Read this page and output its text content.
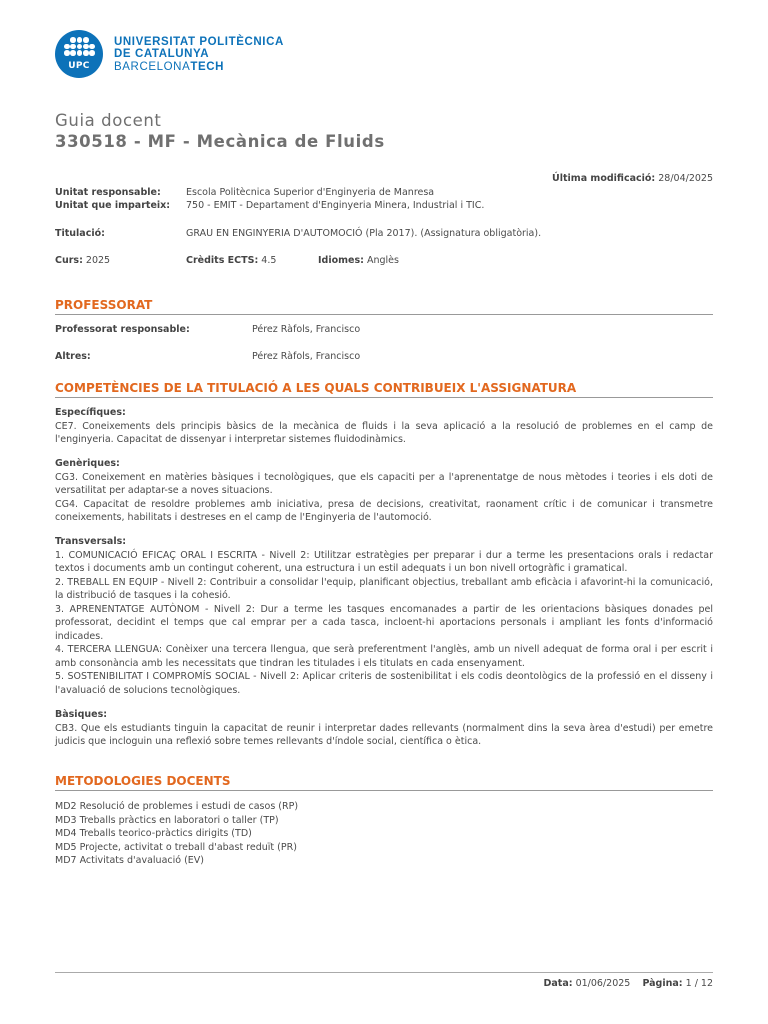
UPC
UNIVERSITAT POLITÈCNICA
DE CATALUNYA
BARCELONATECH
Guia docent
330518 - MF - Mecànica de Fluids
Última modificació: 28/04/2025
Unitat responsable:	Escola Politècnica Superior d'Enginyeria de Manresa
Unitat que imparteix: 750 - EMIT - Departament d'Enginyeria Minera, Industrial i TIC.
Titulació:	GRAU EN ENGINYERIA D'AUTOMOCIÓ (Pla 2017). (Assignatura obligatòria).
Curs: 2025	Crèdits ECTS: 4.5	Idiomes: Anglès
PROFESSORAT
Professorat responsable:	Pérez Ràfols, Francisco
Altres:	Pérez Ràfols, Francisco
COMPETÈNCIES DE LA TITULACIÓ A LES QUALS CONTRIBUEIX L'ASSIGNATURA
Específiques:
CE7. Coneixements dels principis bàsics de la mecànica de fluids i la seva aplicació a la resolució de problemes en el camp de l'enginyeria. Capacitat de dissenyar i interpretar sistemes fluidodinàmics.
Genèriques:
CG3. Coneixement en matèries bàsiques i tecnològiques, que els capaciti per a l'aprenentatge de nous mètodes i teories i els doti de versatilitat per adaptar-se a noves situacions.
CG4. Capacitat de resoldre problemes amb iniciativa, presa de decisions, creativitat, raonament crític i de comunicar i transmetre coneixements, habilitats i destreses en el camp de l'Enginyeria de l'automoció.
Transversals:
1. COMUNICACIÓ EFICAÇ ORAL I ESCRITA - Nivell 2: Utilitzar estratègies per preparar i dur a terme les presentacions orals i redactar textos i documents amb un contingut coherent, una estructura i un estil adequats i un bon nivell ortogràfic i gramatical.
2. TREBALL EN EQUIP - Nivell 2: Contribuir a consolidar l'equip, planificant objectius, treballant amb eficàcia i afavorint-hi la comunicació, la distribució de tasques i la cohesió.
3. APRENENTATGE AUTÒNOM - Nivell 2: Dur a terme les tasques encomanades a partir de les orientacions bàsiques donades pel professorat, decidint el temps que cal emprar per a cada tasca, incloent-hi aportacions personals i ampliant les fonts d'informació indicades.
4. TERCERA LLENGUA: Conèixer una tercera llengua, que serà preferentment l'anglès, amb un nivell adequat de forma oral i per escrit i amb consonància amb les necessitats que tindran les titulades i els titulats en cada ensenyament.
5. SOSTENIBILITAT I COMPROMÍS SOCIAL - Nivell 2: Aplicar criteris de sostenibilitat i els codis deontològics de la professió en el disseny i l'avaluació de solucions tecnològiques.
Bàsiques:
CB3. Que els estudiants tinguin la capacitat de reunir i interpretar dades rellevants (normalment dins la seva àrea d'estudi) per emetre judicis que incloguin una reflexió sobre temes rellevants d'índole social, científica o ètica.
METODOLOGIES DOCENTS
MD2 Resolució de problemes i estudi de casos (RP)
MD3 Treballs pràctics en laboratori o taller (TP)
MD4 Treballs teorico-pràctics dirigits (TD)
MD5 Projecte, activitat o treball d'abast reduït (PR)
MD7 Activitats d'avaluació (EV)
Data: 01/06/2025 Pàgina: 1 / 12
